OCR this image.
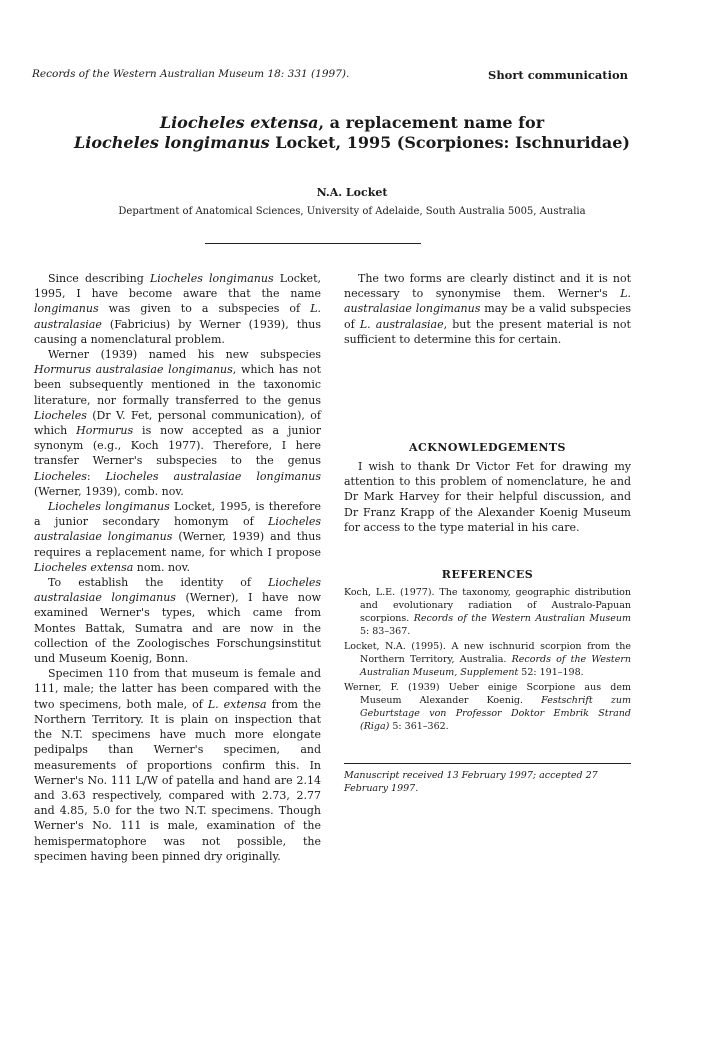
Records of the Western Australian Museum 18: 331 (1997).	Short communication
Liocheles extensa, a replacement name for
Liocheles longimanus Locket, 1995 (Scorpiones: Ischnuridae)
N.A. Locket
Department of Anatomical Sciences, University of Adelaide, South Australia 5005, Australia

Since describing Liocheles longimanus Locket, 1995, I have become aware that the name longimanus was given to a subspecies of L. australasiae (Fabricius) by Werner (1939), thus causing a nomenclatural problem.

Werner (1939) named his new subspecies Hormurus australasiae longimanus, which has not been subsequently mentioned in the taxonomic literature, nor formally transferred to the genus Liocheles (Dr V. Fet, personal communication), of which Hormurus is now accepted as a junior synonym (e.g., Koch 1977). Therefore, I here transfer Werner's subspecies to the genus Liocheles: Liocheles australasiae longimanus (Werner, 1939), comb. nov.

Liocheles longimanus Locket, 1995, is therefore a junior secondary homonym of Liocheles australasiae longimanus (Werner, 1939) and thus requires a replacement name, for which I propose Liocheles extensa nom. nov.

To establish the identity of Liocheles australasiae longimanus (Werner), I have now examined Werner's types, which came from Montes Battak, Sumatra and are now in the collection of the Zoologisches Forschungsinstitut und Museum Koenig, Bonn.

Specimen 110 from that museum is female and 111, male; the latter has been compared with the two specimens, both male, of L. extensa from the Northern Territory. It is plain on inspection that the N.T. specimens have much more elongate pedipalps than Werner's specimen, and measurements of proportions confirm this. In Werner's No. 111 L/W of patella and hand are 2.14 and 3.63 respectively, compared with 2.73, 2.77 and 4.85, 5.0 for the two N.T. specimens. Though Werner's No. 111 is male, examination of the hemispermatophore was not possible, the specimen having been pinned dry originally.

The two forms are clearly distinct and it is not necessary to synonymise them. Werner's L. australasiae longimanus may be a valid subspecies of L. australasiae, but the present material is not sufficient to determine this for certain.

ACKNOWLEDGEMENTS

I wish to thank Dr Victor Fet for drawing my attention to this problem of nomenclature, he and Dr Mark Harvey for their helpful discussion, and Dr Franz Krapp of the Alexander Koenig Museum for access to the type material in his care.

REFERENCES
Koch, L.E. (1977). The taxonomy, geographic distribution and evolutionary radiation of Australo-Papuan scorpions. Records of the Western Australian Museum 5: 83–367.
Locket, N.A. (1995). A new ischnurid scorpion from the Northern Territory, Australia. Records of the Western Australian Museum, Supplement 52: 191–198.
Werner, F. (1939) Ueber einige Scorpione aus dem Museum Alexander Koenig. Festschrift zum Geburtstage von Professor Doktor Embrik Strand (Riga) 5: 361–362.
Manuscript received 13 February 1997; accepted 27 February 1997.
